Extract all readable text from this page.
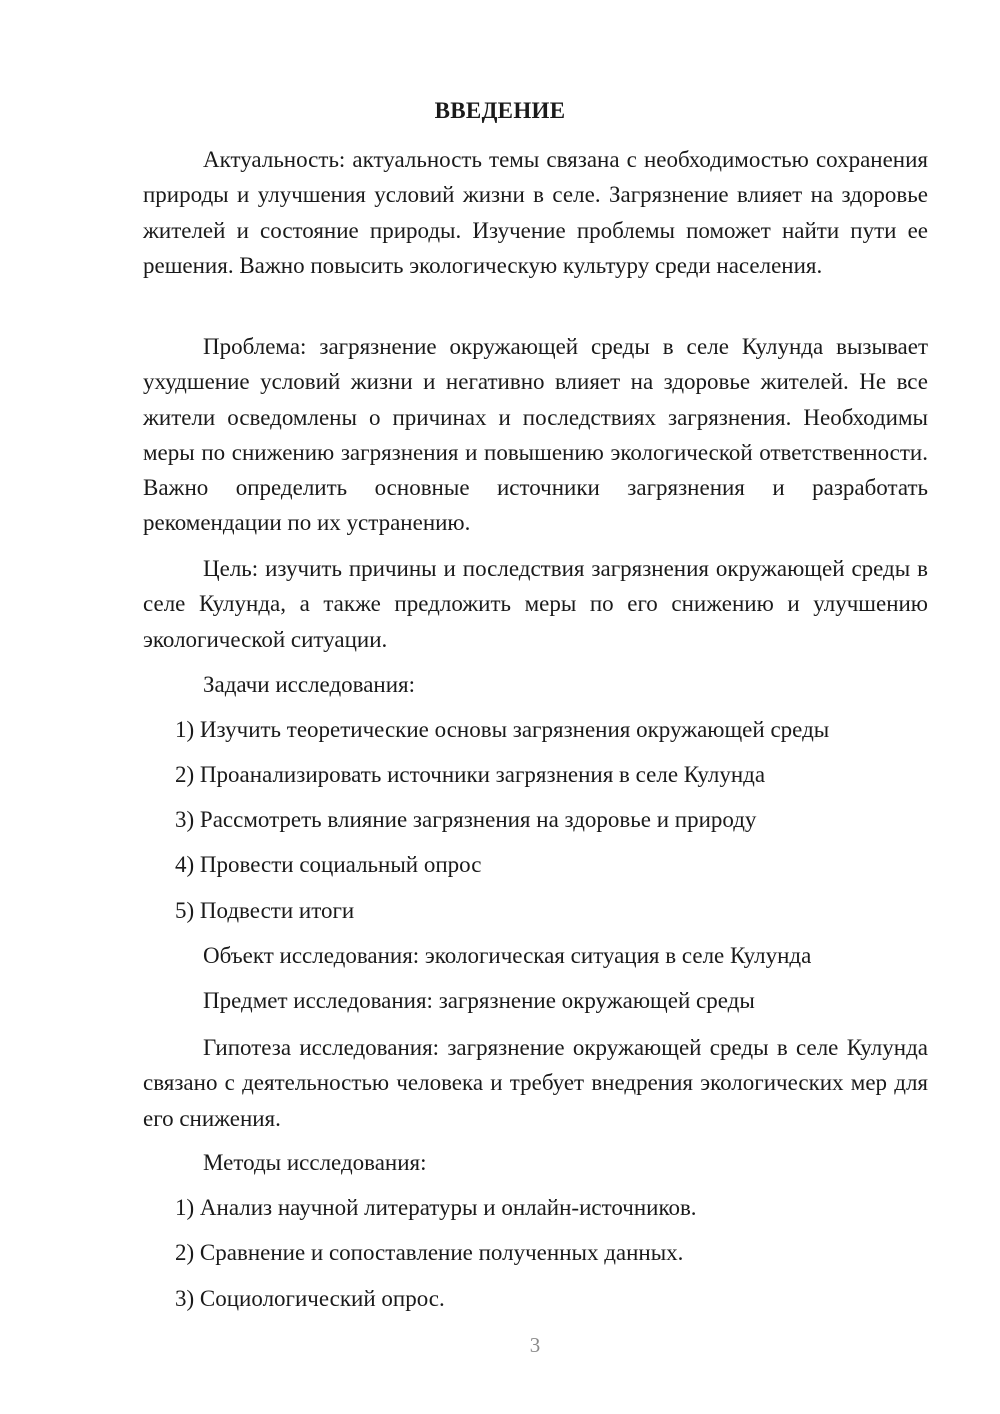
ВВЕДЕНИЕ
Актуальность: актуальность темы связана с необходимостью сохранения природы и улучшения условий жизни в селе. Загрязнение влияет на здоровье жителей и состояние природы. Изучение проблемы поможет найти пути ее решения. Важно повысить экологическую культуру среди населения.
Проблема: загрязнение окружающей среды в селе Кулунда вызывает ухудшение условий жизни и негативно влияет на здоровье жителей. Не все жители осведомлены о причинах и последствиях загрязнения. Необходимы меры по снижению загрязнения и повышению экологической ответственности. Важно определить основные источники загрязнения и разработать рекомендации по их устранению.
Цель: изучить причины и последствия загрязнения окружающей среды в селе Кулунда, а также предложить меры по его снижению и улучшению экологической ситуации.
Задачи исследования:
1) Изучить теоретические основы загрязнения окружающей среды
2) Проанализировать источники загрязнения в селе Кулунда
3) Рассмотреть влияние загрязнения на здоровье и природу
4) Провести социальный опрос
5) Подвести итоги
Объект исследования: экологическая ситуация в селе Кулунда
Предмет исследования: загрязнение окружающей среды
Гипотеза исследования: загрязнение окружающей среды в селе Кулунда связано с деятельностью человека и требует внедрения экологических мер для его снижения.
Методы исследования:
1) Анализ научной литературы и онлайн-источников.
2) Сравнение и сопоставление полученных данных.
3) Социологический опрос.
3
